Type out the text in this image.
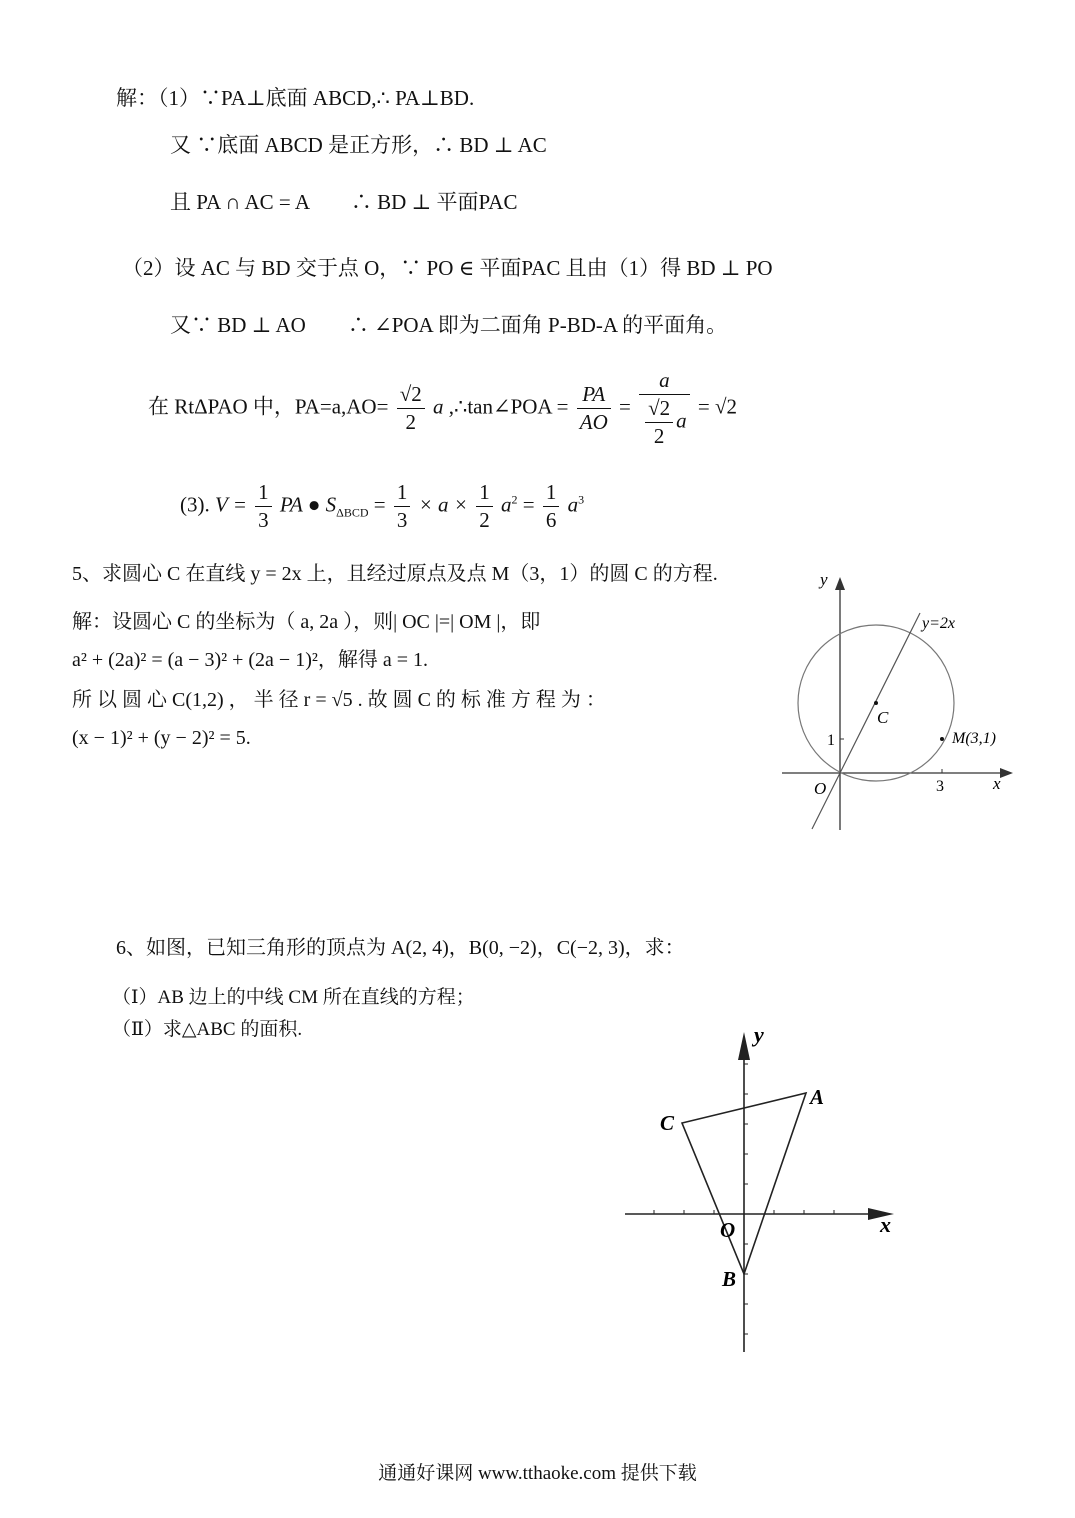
解：（1）∵PA⊥底面 ABCD,∴ PA⊥BD.
又 ∵底面 ABCD 是正方形，∴ BD ⊥ AC
且 PA ∩ AC = A　　∴ BD ⊥ 平面PAC
（2）设 AC 与 BD 交于点 O，∵ PO ∈ 平面PAC 且由（1）得 BD ⊥ PO
又∵ BD ⊥ AO　　∴ ∠POA 即为二面角 P-BD-A 的平面角。
在 RtΔPAO 中，$PA=a,AO= \frac{√2}{2}$ a ,∴tan∠POA = $\frac{PA}{AO} = \frac{a}{\frac{√2}{2} a} = √2$
(3). $V = \frac{1}{3}$ PA ● $S_{\Delta BCD} = \frac{1}{3} \times a \times \frac{1}{2} a^2 = \frac{1}{6} a^3$
5、求圆心 C 在直线 y = 2x 上，且经过原点及点 M（3，1）的圆 C 的方程.
解：设圆心 C 的坐标为（ a, 2a ），则| OC |=| OM |，即
a² + (2a)² = (a − 3)² + (2a − 1)²，解得 a = 1.
所 以 圆 心 C(1,2) ， 半 径 r = √5 . 故 圆 C 的 标 准 方 程 为 ：
(x − 1)² + (y − 2)² = 5.
y
x
y=2x
C
M(3,1)
O
1
3
6、如图，已知三角形的顶点为 A(2, 4)，B(0, −2)，C(−2, 3)，求：
（Ⅰ）AB 边上的中线 CM 所在直线的方程；
（Ⅱ）求△ABC 的面积.	y
x
A
B
C
O
通通好课网 www.tthaoke.com 提供下载
